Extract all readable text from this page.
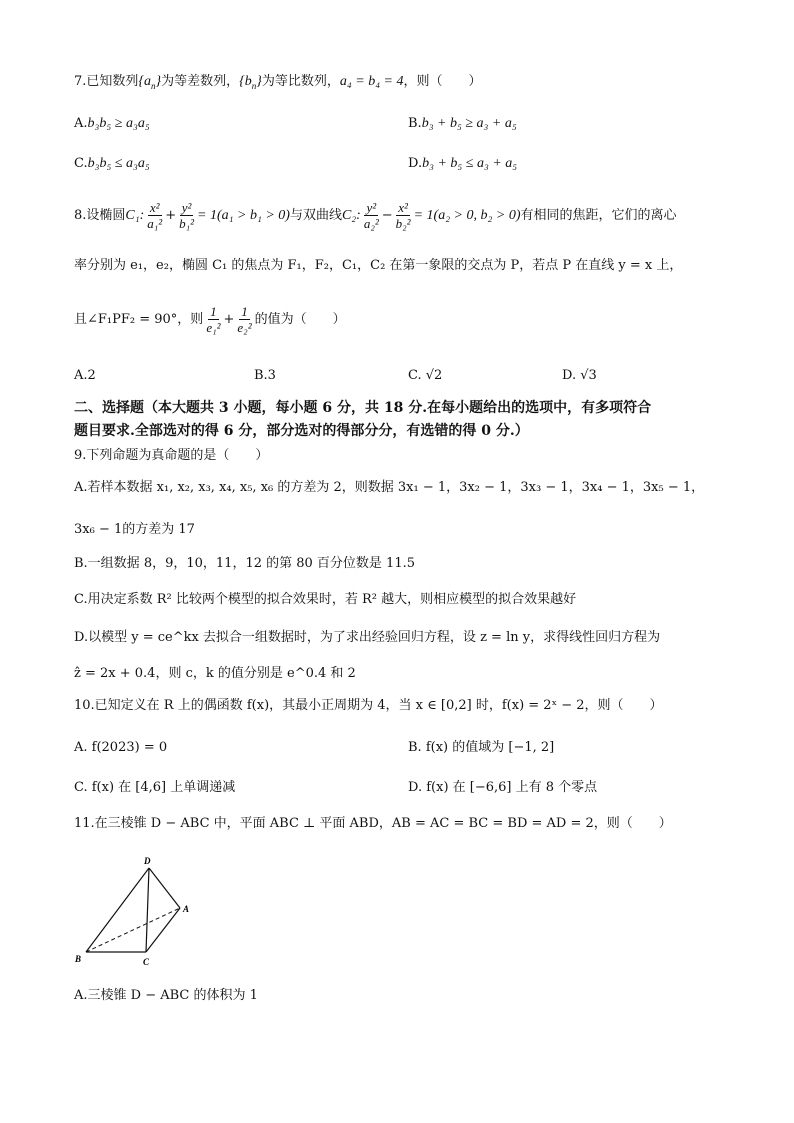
7.已知数列$\{a_n\}$为等差数列，$\{b_n\}$为等比数列，a₄ = b₄ = 4，则（　　）
A.b₃b₅ ≥ a₃a₅	B.b₃ + b₅ ≥ a₃ + a₅
C.b₃b₅ ≤ a₃a₅	D.b₃ + b₅ ≤ a₃ + a₅
8.设椭圆C₁: $\frac{\text{x²}}{\text{a₁²}} + \frac{\text{y²}}{\text{b₁²}} = 1(a_1 > b_1 > 0)$与双曲线C₂: $\frac{\text{y²}}{\text{a₂²}} - \frac{\text{x²}}{\text{b₂²}} = 1(a_2 > 0$, b₂ > 0)有相同的焦距，它们的离心
率分别为 e₁，e₂，椭圆 C₁ 的焦点为 F₁，F₂，C₁，C₂ 在第一象限的交点为 P，若点 P 在直线 y = x 上，
且∠F₁PF₂ = 90°，则 $\frac{1}{\text{e₁²}} + \frac{1}{\text{e₂²}}$ 的值为（　　）
A.2	B.3	C. √2	D. √3
二、选择题（本大题共 3 小题，每小题 6 分，共 18 分.在每小题给出的选项中，有多项符合
题目要求.全部选对的得 6 分，部分选对的得部分分，有选错的得 0 分.）
9.下列命题为真命题的是（　　）
A.若样本数据 x₁, x₂, x₃, x₄, x₅, x₆ 的方差为 2，则数据 3x₁ − 1，3x₂ − 1，3x₃ − 1，3x₄ − 1，3x₅ − 1，
3x₆ − 1的方差为 17
B.一组数据 8，9，10，11，12 的第 80 百分位数是 11.5
C.用决定系数 R² 比较两个模型的拟合效果时，若 R² 越大，则相应模型的拟合效果越好
D.以模型 y = ce^kx 去拟合一组数据时，为了求出经验回归方程，设 z = ln y，求得线性回归方程为
ẑ = 2x + 0.4，则 c，k 的值分别是 e^0.4 和 2
10.已知定义在 R 上的偶函数 f(x)，其最小正周期为 4，当 x ∈ [0,2] 时，f(x) = 2ˣ − 2，则（　　）
A. f(2023) = 0	B. f(x) 的值域为 [−1, 2]
C. f(x) 在 [4,6] 上单调递减	D. f(x) 在 [−6,6] 上有 8 个零点
11.在三棱锥 D − ABC 中，平面 ABC ⊥ 平面 ABD，AB = AC = BC = BD = AD = 2，则（　　）
D
A
B	C
A.三棱锥 D − ABC 的体积为 1
